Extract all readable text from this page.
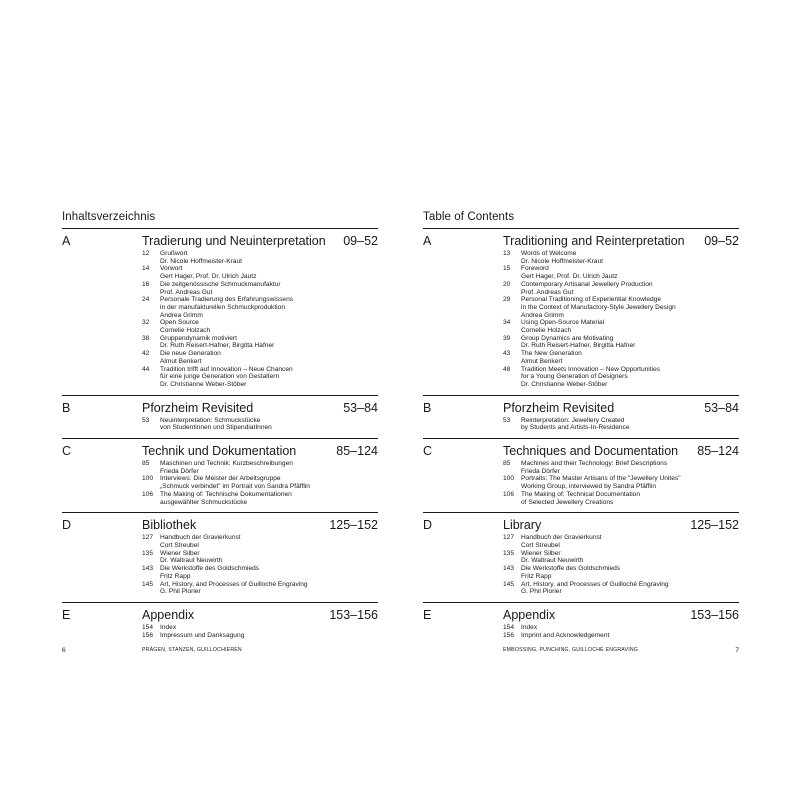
Inhaltsverzeichnis
A	Tradierung und Neuinterpretation 09–52
12	Grußwort
Dr. Nicole Hoffmeister-Kraut
14	Vorwort
Gert Hager, Prof. Dr. Ulrich Jautz
16	Die zeitgenössische Schmuckmanufaktur
Prof. Andreas Gut
24	Personale Tradierung des Erfahrungswissens
in der manufakturellen Schmuckproduktion
Andrea Grimm
32	Open Source
Cornelie Holzach
38	Gruppendynamik motiviert
Dr. Ruth Reisert-Hafner, Birgitta Hafner
42	Die neue Generation
Almut Benkert
44	Tradition trifft auf Innovation – Neue Chancen
für eine junge Generation von Gestaltern
Dr. Christianne Weber-Stöber
B	Pforzheim Revisited	53–84
53	Neuinterpretation: Schmuckstücke
von Studentinnen und StipendiatInnen
C	Technik und Dokumentation	85–124
85	Maschinen und Technik: Kurzbeschreibungen
Frieda Dörfer
100	Interviews: Die Meister der Arbeitsgruppe
„Schmuck verbindet" im Portrait von Sandra Pfäfflin
106	The Making of: Technische Dokumentationen
ausgewählter Schmuckstücke
D	Bibliothek	125–152
127	Handbuch der Gravierkunst
Cort Streubel
135	Wiener Silber
Dr. Waltraut Neuwirth
143	Die Werkstoffe des Goldschmieds
Fritz Rapp
145	Art, History, and Processes of Guilloché Engraving
G. Phil Plorier
E	Appendix	153–156
154	Index
156	Impressum und Danksagung
6	PRÄGEN, STANZEN, GUILLOCHIEREN
Table of Contents
A	Traditioning and Reinterpretation 09–52
13	Words of Welcome
Dr. Nicole Hoffmeister-Kraut
15	Foreword
Gert Hager, Prof. Dr. Ulrich Jautz
20	Contemporary Artisanal Jewellery Production
Prof. Andreas Gut
29	Personal Traditioning of Experiential Knowledge
in the Context of Manufactory-Style Jewellery Design
Andrea Grimm
34	Using Open-Source Material
Cornelie Holzach
39	Group Dynamics are Motivating
Dr. Ruth Reisert-Hafner, Birgitta Hafner
43	The New Generation
Almut Benkert
48	Tradition Meets Innovation – New Opportunities
for a Young Generation of Designers
Dr. Christianne Weber-Stöber
B	Pforzheim Revisited	53–84
53	Reinterpretation: Jewellery Created
by Students and Artists-In-Residence
C	Techniques and Documentation 85–124
85	Machines and their Technology: Brief Descriptions
Frieda Dörfer
100	Portraits: The Master Artisans of the "Jewellery Unites"
Working Group, interviewed by Sandra Pfäfflin
106	The Making of: Technical Documentation
of Selected Jewellery Creations
D	Library	125–152
127	Handbuch der Gravierkunst
Cort Streubel
135	Wiener Silber
Dr. Waltraut Neuwirth
143	Die Werkstoffe des Goldschmieds
Fritz Rapp
145	Art, History, and Processes of Guilloché Engraving
G. Phil Plorier
E	Appendix	153–156
154	Index
156	Imprint and Acknowledgement
EMBOSSING, PUNCHING, GUILLOCHÉ ENGRAVING	7
